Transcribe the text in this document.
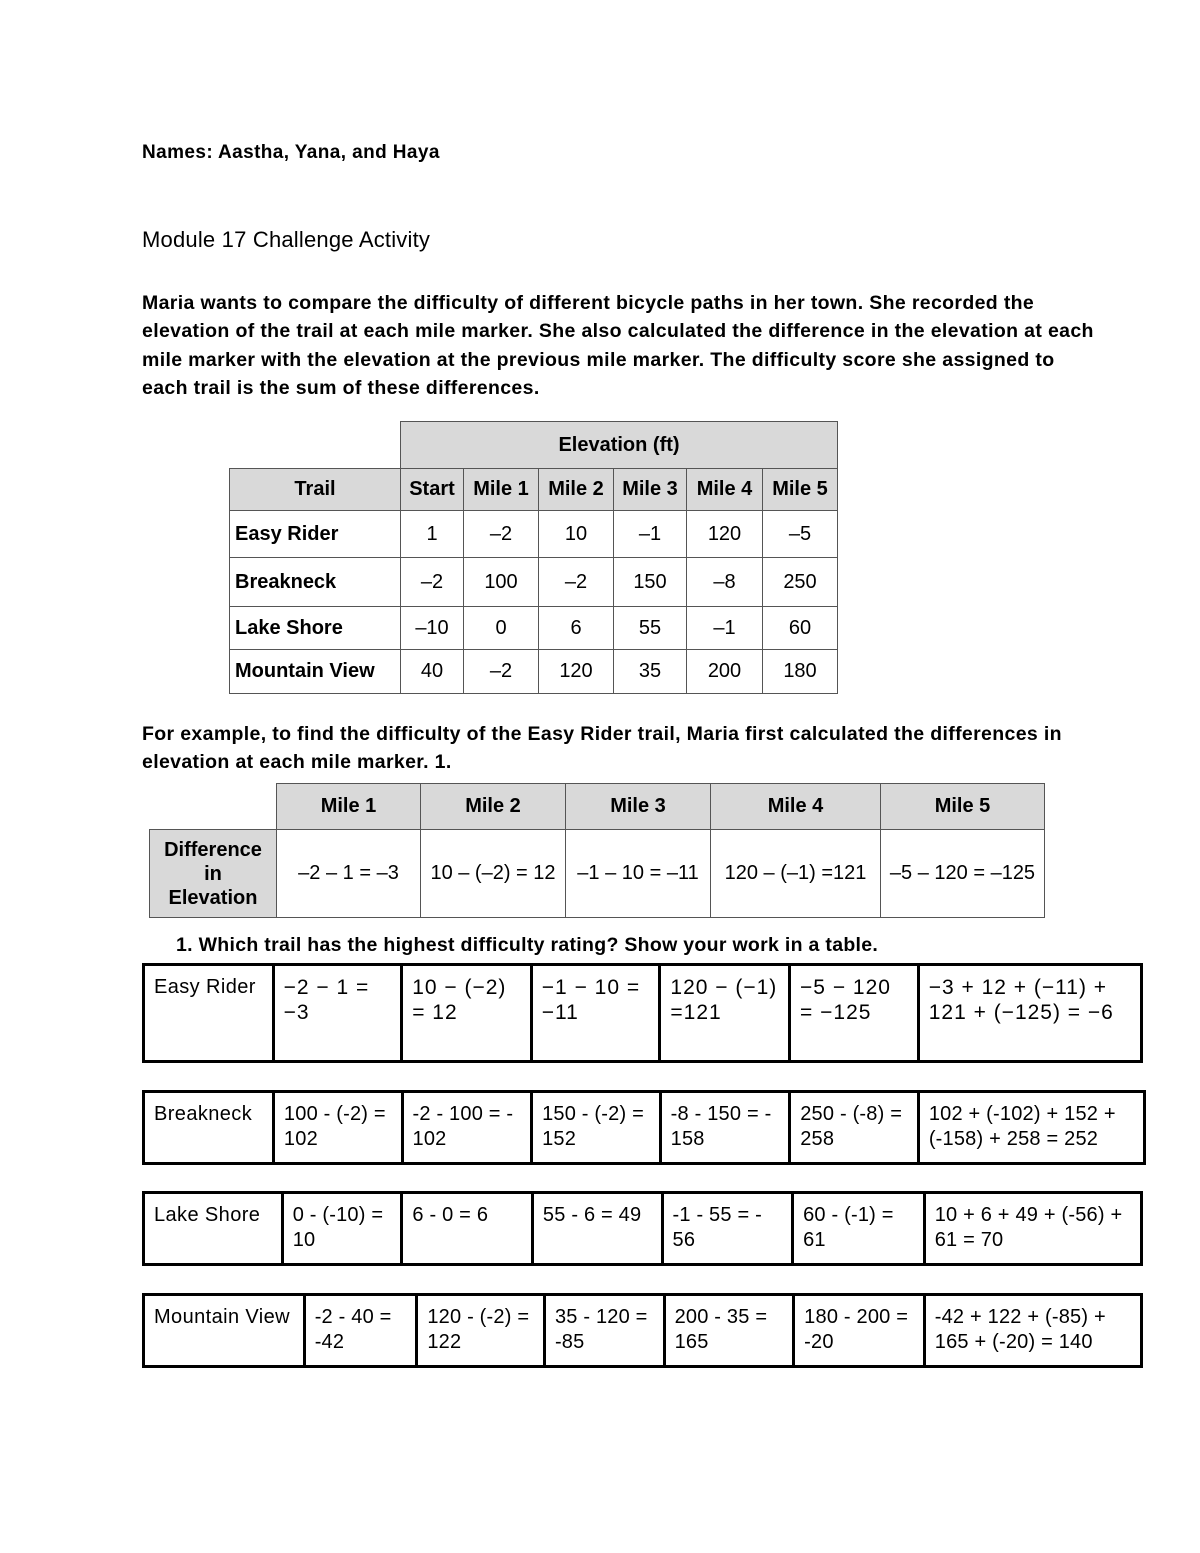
Names: Aastha, Yana, and Haya
Module 17 Challenge Activity
Maria wants to compare the difficulty of different bicycle paths in her town. She recorded the elevation of the trail at each mile marker. She also calculated the difference in the elevation at each mile marker with the elevation at the previous mile marker. The difficulty score she assigned to each trail is the sum of these differences.
	Elevation (ft)					
Trail	Start	Mile 1	Mile 2	Mile 3	Mile 4	Mile 5
Easy Rider	1	–2	10	–1	120	–5
Breakneck	–2	100	–2	150	–8	250
Lake Shore	–10	0	6	55	–1	60
Mountain View	40	–2	120	35	200	180
For example, to find the difficulty of the Easy Rider trail, Maria first calculated the differences in elevation at each mile marker. 1.
	Mile 1	Mile 2	Mile 3	Mile 4	Mile 5

Difference
in
Elevation	–2 – 1 = –3	10 – (–2) = 12	–1 – 10 = –11	120 – (–1) =121	–5 – 120 = –125
1. Which trail has the highest difficulty rating? Show your work in a table.
Easy Rider	−2 − 1 = −3	10 − (−2) = 12	−1 − 10 = −11	120 − (−1) =121	−5 − 120 = −125	−3 + 12 + (−11) + 121 + (−125) = −6
Breakneck	100 - (-2) = 102	-2 - 100 = - 102	150 - (-2) = 152	-8 - 150 = - 158	250 - (-8) = 258	102 + (-102) + 152 + (-158) + 258 = 252
Lake Shore	0 - (-10) = 10	6 - 0 = 6	55 - 6 = 49	-1 - 55 = - 56	60 - (-1) = 61	10 + 6 + 49 + (-56) + 61 = 70
Mountain View	-2 - 40 = -42	120 - (-2) = 122	35 - 120 = -85	200 - 35 = 165	180 - 200 = -20	-42 + 122 + (-85) + 165 + (-20) = 140
